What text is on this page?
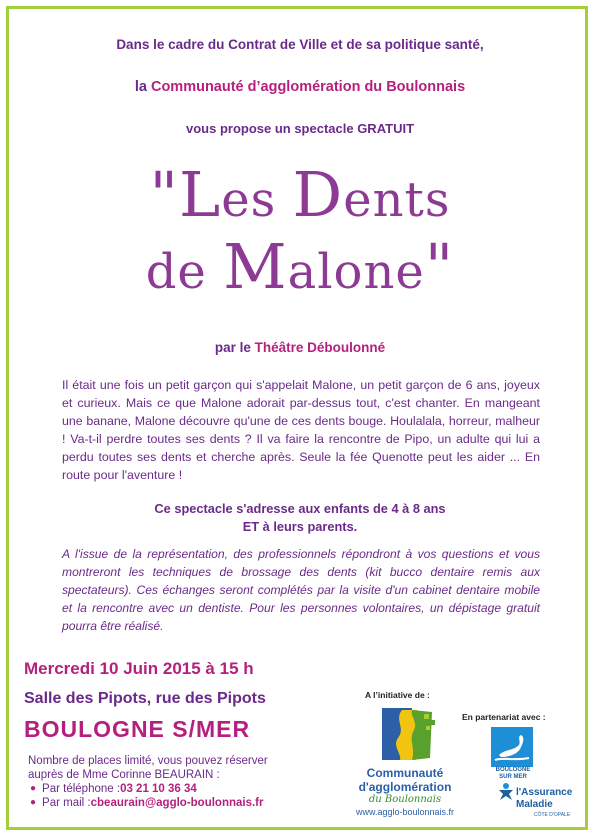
Dans le cadre du Contrat de Ville et de sa politique santé,
la Communauté d’agglomération du Boulonnais
vous propose un spectacle GRATUIT
"Les Dents
de Malone"
par le Théâtre Déboulonné
Il était une fois un petit garçon qui s'appelait Malone, un petit garçon de 6 ans, joyeux et curieux. Mais ce que Malone adorait par-dessus tout, c'est chanter. En mangeant une banane, Malone découvre qu'une de ces dents bouge. Houlalala, horreur, malheur ! Va-t-il perdre toutes ses dents ? Il va faire la rencontre de Pipo, un adulte qui lui a perdu toutes ses dents et cherche après. Seule la fée Quenotte peut les aider ... En route pour l'aventure !
Ce spectacle s'adresse aux enfants de 4 à 8 ans
ET à leurs parents.
A l'issue de la représentation, des professionnels répondront à vos questions et vous montreront les techniques de brossage des dents (kit bucco dentaire remis aux spectateurs). Ces échanges seront complétés par la visite d'un cabinet dentaire mobile et la rencontre avec un dentiste. Pour les personnes volontaires, un dépistage gratuit pourra être réalisé.
Mercredi 10 Juin 2015 à 15 h
Salle des Pipots, rue des Pipots
BOULOGNE S/MER
Nombre de places limité, vous pouvez réserver
auprès de Mme Corinne BEAURAIN :
● Par téléphone : 03 21 10 36 34
● Par mail : cbeaurain@agglo-boulonnais.fr
A l’initiative de :
En partenariat avec :
Communauté
d'agglomération
du Boulonnais
www.agglo-boulonnais.fr
BOULOGNE
SUR MER
l'Assurance
Maladie
CÔTE D'OPALE
